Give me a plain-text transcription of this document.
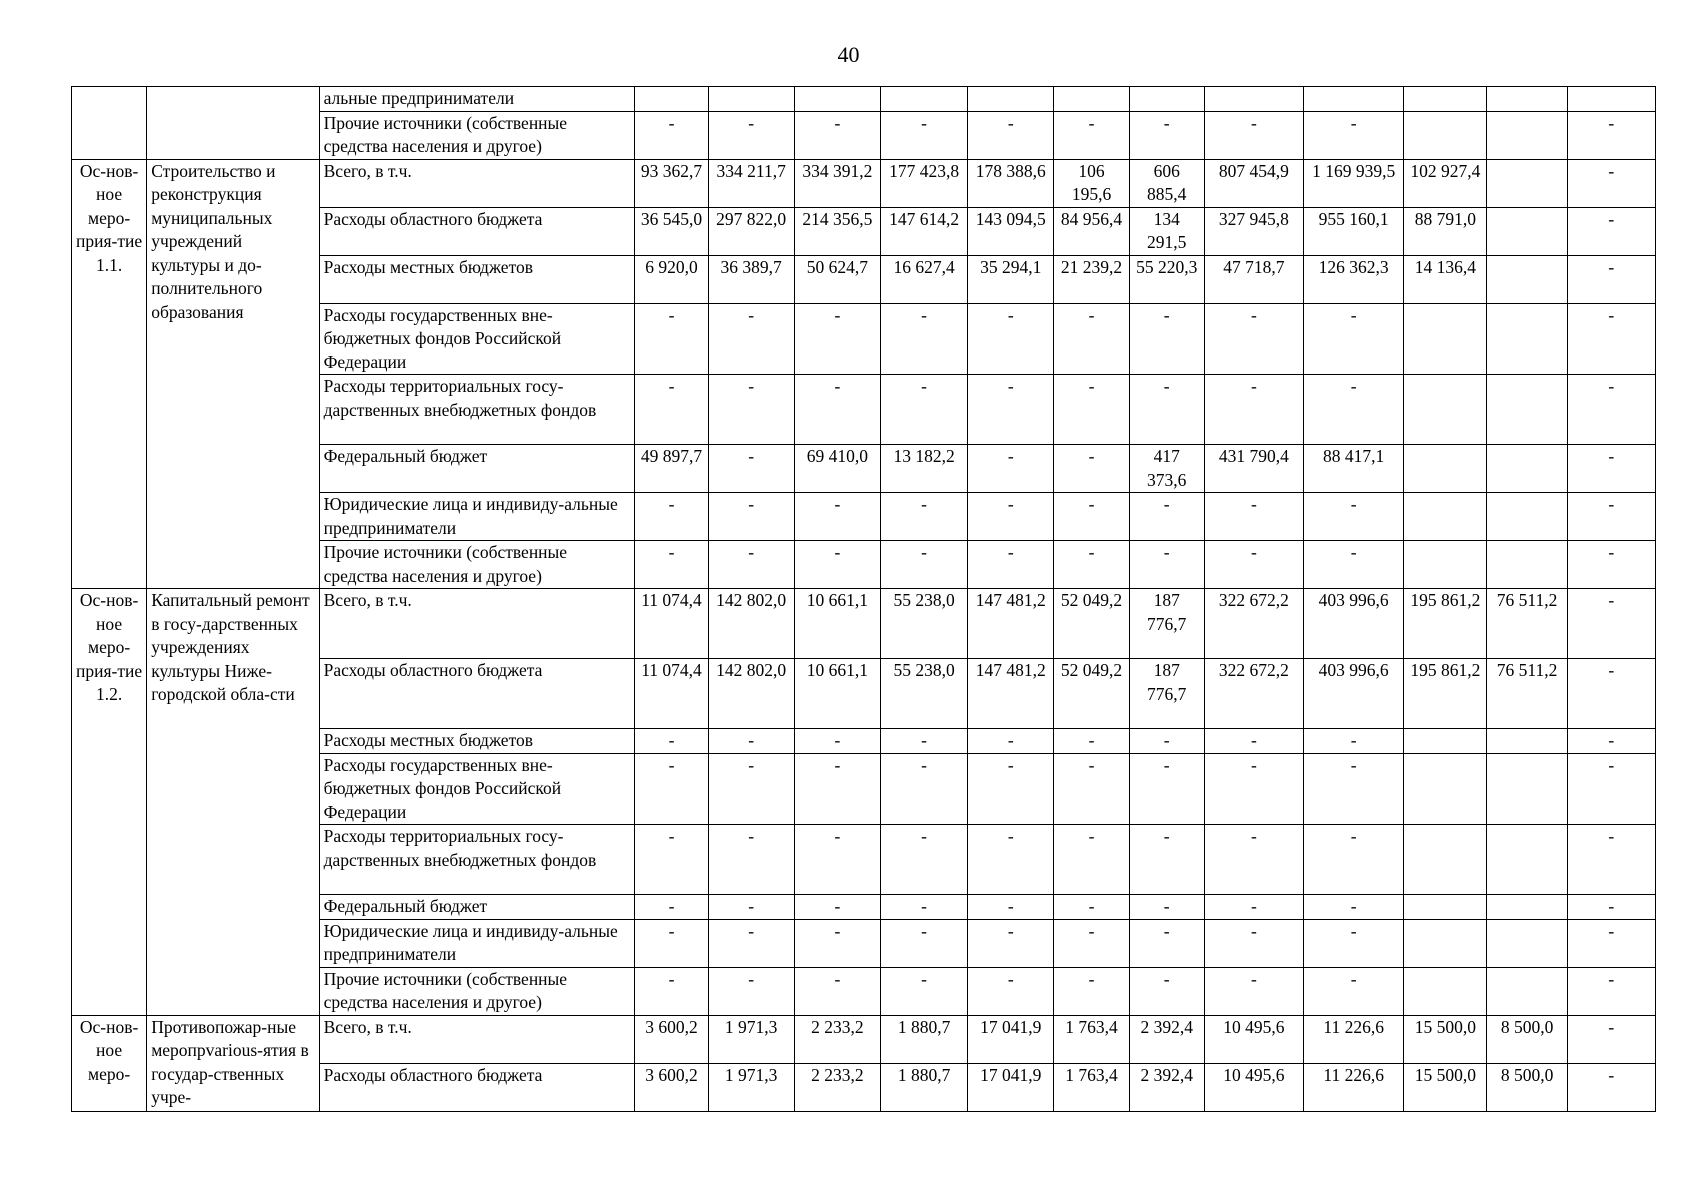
40
		альные предприниматели												
		Прочие источники (собственные средства населения и другое)	-	-	-	-	-	-	-	-	-			-
Ос-нов-ное меро-прия-тие 1.1.	Строительство и реконструкция муниципальных учреждений культуры и до-полнительного образования	Всего, в т.ч.	93 362,7	334 211,7	334 391,2	177 423,8	178 388,6	106 195,6	606 885,4	807 454,9	1 169 939,5	102 927,4		-
		Расходы областного бюджета	36 545,0	297 822,0	214 356,5	147 614,2	143 094,5	84 956,4	134 291,5	327 945,8	955 160,1	88 791,0		-
		Расходы местных бюджетов	6 920,0	36 389,7	50 624,7	16 627,4	35 294,1	21 239,2	55 220,3	47 718,7	126 362,3	14 136,4		-
		Расходы государственных вне-бюджетных фондов Российской Федерации	-	-	-	-	-	-	-	-	-			-
		Расходы территориальных госу-дарственных внебюджетных фондов	-	-	-	-	-	-	-	-	-			-
		Федеральный бюджет	49 897,7	-	69 410,0	13 182,2	-	-	417 373,6	431 790,4	88 417,1			-
		Юридические лица и индивиду-альные предприниматели	-	-	-	-	-	-	-	-	-			-
		Прочие источники (собственные средства населения и другое)	-	-	-	-	-	-	-	-	-			-
Ос-нов-ное меро-прия-тие 1.2.	Капитальный ремонт в госу-дарственных учреждениях культуры Ниже-городской обла-сти	Всего, в т.ч.	11 074,4	142 802,0	10 661,1	55 238,0	147 481,2	52 049,2	187 776,7	322 672,2	403 996,6	195 861,2	76 511,2	-
		Расходы областного бюджета	11 074,4	142 802,0	10 661,1	55 238,0	147 481,2	52 049,2	187 776,7	322 672,2	403 996,6	195 861,2	76 511,2	-
		Расходы местных бюджетов	-	-	-	-	-	-	-	-	-			-
		Расходы государственных вне-бюджетных фондов Российской Федерации	-	-	-	-	-	-	-	-	-			-
		Расходы территориальных госу-дарственных внебюджетных фондов	-	-	-	-	-	-	-	-	-			-
		Федеральный бюджет	-	-	-	-	-	-	-	-	-			-
		Юридические лица и индивиду-альные предприниматели	-	-	-	-	-	-	-	-	-			-
		Прочие источники (собственные средства населения и другое)	-	-	-	-	-	-	-	-	-			-
Ос-нов-ное меро-	Противопожар-ные меропрvarious-ятия в государ-ственных учре-	Всего, в т.ч.	3 600,2	1 971,3	2 233,2	1 880,7	17 041,9	1 763,4	2 392,4	10 495,6	11 226,6	15 500,0	8 500,0	-
		Расходы областного бюджета	3 600,2	1 971,3	2 233,2	1 880,7	17 041,9	1 763,4	2 392,4	10 495,6	11 226,6	15 500,0	8 500,0	-
